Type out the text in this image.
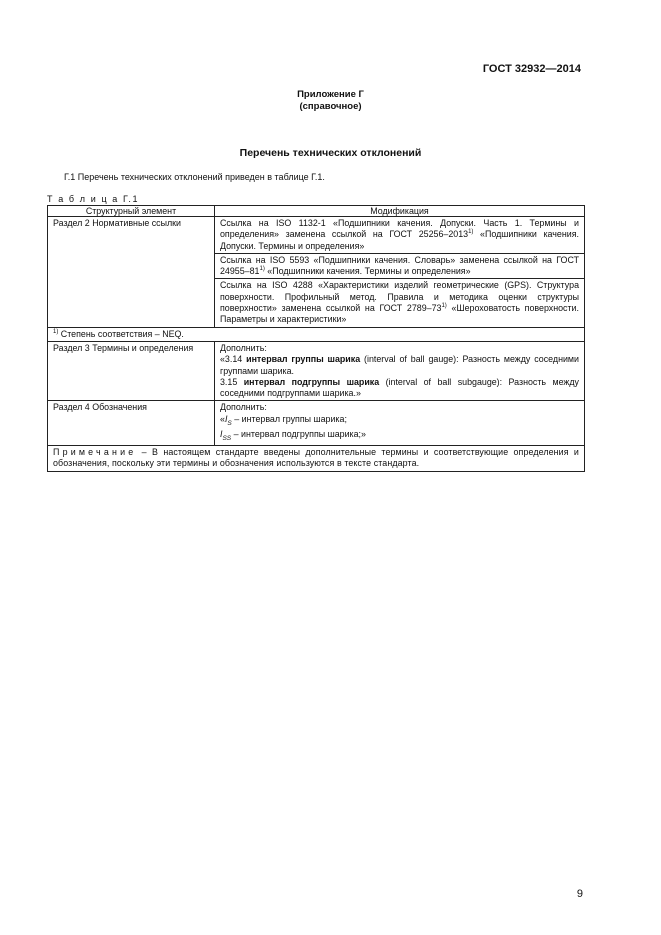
ГОСТ 32932—2014
Приложение Г
(справочное)
Перечень технических отклонений
Г.1 Перечень технических отклонений приведен в таблице Г.1.
Т а б л и ц а Г.1
Структурный элемент	Модификация
Раздел 2 Нормативные ссылки	Ссылка на ISO 1132-1 «Подшипники качения. Допуски. Часть 1. Термины и определения» заменена ссылкой на ГОСТ 25256–2013$^{1)}$ «Подшипники качения. Допуски. Термины и определения»
	Ссылка на ISO 5593 «Подшипники качения. Словарь» заменена ссылкой на ГОСТ 24955–81$^{1)}$ «Подшипники качения. Термины и определения»
	Ссылка на ISO 4288 «Характеристики изделий геометрические (GPS). Структура поверхности. Профильный метод. Правила и методика оценки структуры поверхности» заменена ссылкой на ГОСТ 2789–73$^{1)}$ «Шероховатость поверхности. Параметры и характеристики»
$^{1)}$ Степень соответствия – NEQ.	
Раздел 3 Термины и определения	Дополнить:
«3.14 интервал группы шарика (interval of ball gauge): Разность между соседними группами шарика.
3.15 интервал подгруппы шарика (interval of ball subgauge): Разность между соседними подгруппами шарика.»

Раздел 4 Обозначения	Дополнить:
«$I_S$ – интервал группы шарика;
$I_{SS}$ – интервал подгруппы шарика;»

Примечание – В настоящем стандарте введены дополнительные термины и соответствующие определения и обозначения, поскольку эти термины и обозначения используются в тексте стандарта.	
9
